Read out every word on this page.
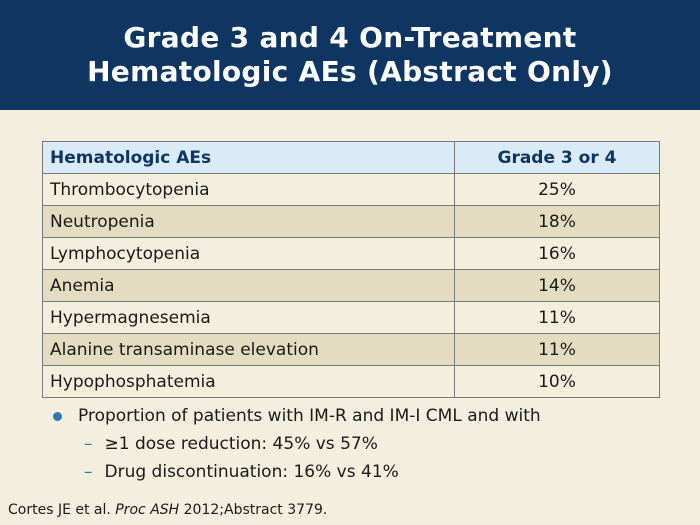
Grade 3 and 4 On-Treatment
Hematologic AEs (Abstract Only)
Hematologic AEs	Grade 3 or 4
Thrombocytopenia	25%
Neutropenia	18%
Lymphocytopenia	16%
Anemia	14%
Hypermagnesemia	11%
Alanine transaminase elevation	11%
Hypophosphatemia	10%
Proportion of patients with IM-R and IM-I CML and with
– ≥1 dose reduction: 45% vs 57%
– Drug discontinuation: 16% vs 41%
Cortes JE et al. Proc ASH 2012;Abstract 3779.
